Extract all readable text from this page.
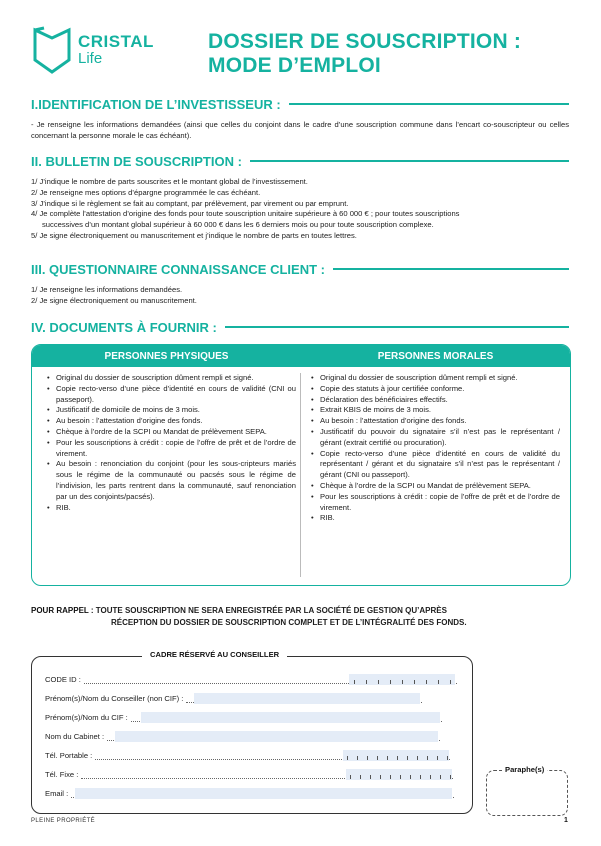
CRISTAL
Life
DOSSIER DE SOUSCRIPTION :
MODE D’EMPLOI
I.IDENTIFICATION DE L’INVESTISSEUR :

- Je renseigne les informations demandées (ainsi que celles du conjoint dans le cadre d’une souscription commune dans l’encart co-souscripteur ou celles concernant la personne morale le cas échéant).

II. BULLETIN DE SOUSCRIPTION :

1/ J’indique le nombre de parts souscrites et le montant global de l’investissement.

2/ Je renseigne mes options d’épargne programmée le cas échéant.

3/ J’indique si le règlement se fait au comptant, par prélèvement, par virement ou par emprunt.

4/ Je complète l’attestation d’origine des fonds pour toute souscription unitaire supérieure à 60 000 € ; pour toutes souscriptions

successives d’un montant global supérieur à 60 000 € dans les 6 derniers mois ou pour toute souscription complexe.

5/ Je signe électroniquement ou manuscritement et j’indique le nombre de parts en toutes lettres.

III. QUESTIONNAIRE CONNAISSANCE CLIENT :

1/ Je renseigne les informations demandées.

2/ Je signe électroniquement ou manuscritement.

IV. DOCUMENTS À FOURNIR :
PERSONNES PHYSIQUES	PERSONNES MORALES
• Original du dossier de souscription dûment rempli et signé.
• Copie recto-verso d’une pièce d’identité en cours de validité (CNI ou passeport).
• Justificatif de domicile de moins de 3 mois.
• Au besoin : l’attestation d’origine des fonds.
• Chèque à l’ordre de la SCPI ou Mandat de prélèvement SEPA.
• Pour les souscriptions à crédit : copie de l’offre de prêt et de l’ordre de virement.
• Au besoin : renonciation du conjoint (pour les sous-cripteurs mariés sous le régime de la communauté ou pacsés sous le régime de l’indivision, les parts rentrent dans la communauté, sauf renonciation par un des conjoints/pacsés).
• RIB.
• Original du dossier de souscription dûment rempli et signé.
• Copie des statuts à jour certifiée conforme.
• Déclaration des bénéficiaires effectifs.
• Extrait KBIS de moins de 3 mois.
• Au besoin : l’attestation d’origine des fonds.
• Justificatif du pouvoir du signataire s’il n’est pas le représentant / gérant (extrait certifié ou procuration).
• Copie recto-verso d’une pièce d’identité en cours de validité du représentant / gérant et du signataire s’il n’est pas le représentant / gérant (CNI ou passeport).
• Chèque à l’ordre de la SCPI ou Mandat de prélèvement SEPA.
• Pour les souscriptions à crédit : copie de l’offre de prêt et de l’ordre de virement.
• RIB.
POUR RAPPEL : TOUTE SOUSCRIPTION NE SERA ENREGISTRÉE PAR LA SOCIÉTÉ DE GESTION QU’APRÈS
RÉCEPTION DU DOSSIER DE SOUSCRIPTION COMPLET ET DE L’INTÉGRALITÉ DES FONDS.
CADRE RÉSERVÉ AU CONSEILLER
CODE ID :
Prénom(s)/Nom du Conseiller (non CIF) :
Prénom(s)/Nom du CIF :
Nom du Cabinet :
Tél. Portable :
Tél. Fixe :
Email :
Paraphe(s)
PLEINE PROPRIÉTÉ	1
